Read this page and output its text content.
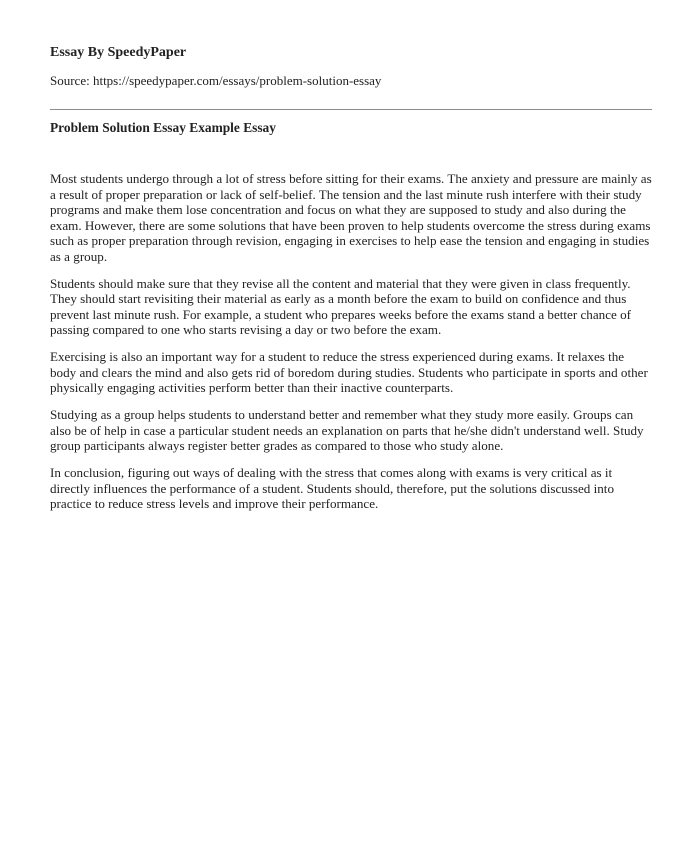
Essay By SpeedyPaper
Source: https://speedypaper.com/essays/problem-solution-essay
Problem Solution Essay Example Essay

Most students undergo through a lot of stress before sitting for their exams. The anxiety and pressure are mainly as a result of proper preparation or lack of self-belief. The tension and the last minute rush interfere with their study programs and make them lose concentration and focus on what they are supposed to study and also during the exam. However, there are some solutions that have been proven to help students overcome the stress during exams such as proper preparation through revision, engaging in exercises to help ease the tension and engaging in studies as a group.

Students should make sure that they revise all the content and material that they were given in class frequently. They should start revisiting their material as early as a month before the exam to build on confidence and thus prevent last minute rush. For example, a student who prepares weeks before the exams stand a better chance of passing compared to one who starts revising a day or two before the exam.

Exercising is also an important way for a student to reduce the stress experienced during exams. It relaxes the body and clears the mind and also gets rid of boredom during studies. Students who participate in sports and other physically engaging activities perform better than their inactive counterparts.

Studying as a group helps students to understand better and remember what they study more easily. Groups can also be of help in case a particular student needs an explanation on parts that he/she didn't understand well. Study group participants always register better grades as compared to those who study alone.

In conclusion, figuring out ways of dealing with the stress that comes along with exams is very critical as it directly influences the performance of a student. Students should, therefore, put the solutions discussed into practice to reduce stress levels and improve their performance.
